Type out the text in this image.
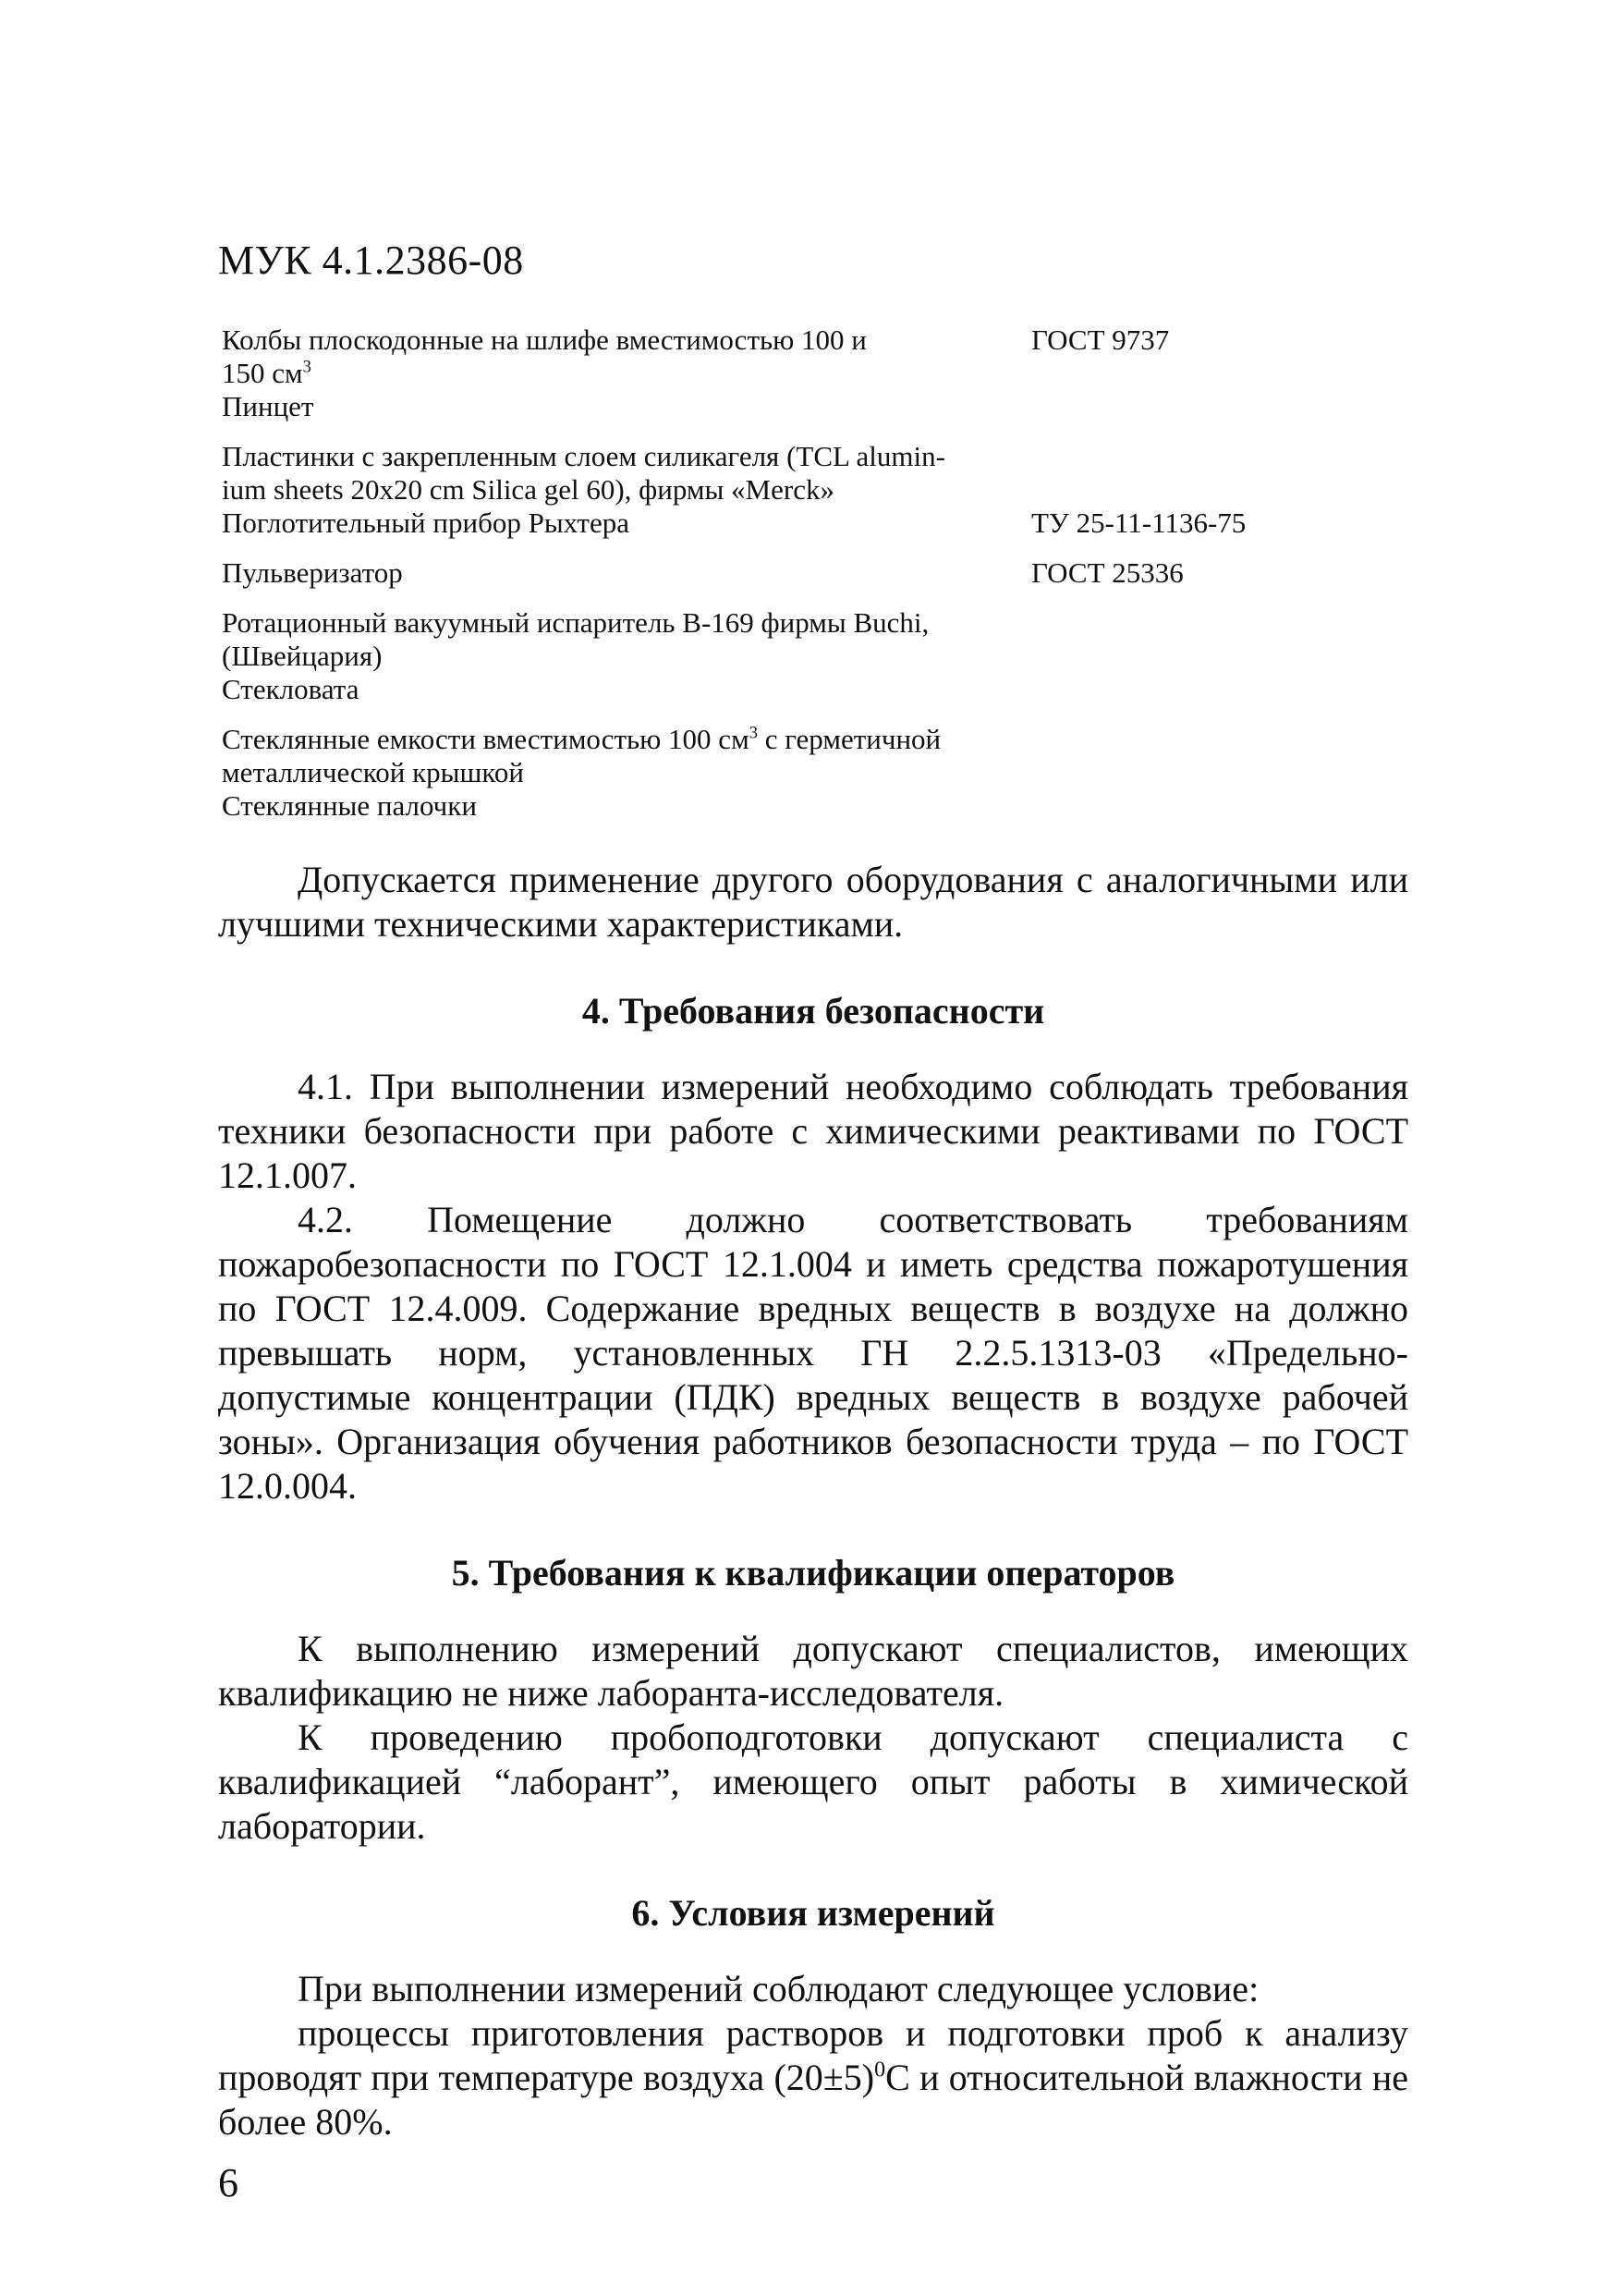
МУК 4.1.2386-08
Колбы плоскодонные на шлифе вместимостью 100 и
150 $см^3$
ГОСТ 9737
Пинцет
Пластинки с закрепленным слоем силикагеля (TCL alumin-
ium sheets 20x20 cm Silica gel 60), фирмы «Merck»
Поглотительный прибор Рыхтера	ТУ 25-11-1136-75
Пульверизатор	ГОСТ 25336
Ротационный вакуумный испаритель В-169 фирмы Buchi,
(Швейцария)
Стекловата
Стеклянные емкости вместимостью 100 $см^3$ с герметичной
металлической крышкой
Стеклянные палочки

Допускается применение другого оборудования с аналогичными или лучшими техническими характеристиками.

4. Требования безопасности

4.1. При выполнении измерений необходимо соблюдать требования техники безопасности при работе с химическими реактивами по ГОСТ 12.1.007.

4.2. Помещение должно соответствовать требованиям пожаробезопасности по ГОСТ 12.1.004 и иметь средства пожаротушения по ГОСТ 12.4.009. Содержание вредных веществ в воздухе на должно превышать норм, установленных ГН 2.2.5.1313-03 «Предельно-допустимые концентрации (ПДК) вредных веществ в воздухе рабочей зоны». Организация обучения работников безопасности труда – по ГОСТ 12.0.004.

5. Требования к квалификации операторов

К выполнению измерений допускают специалистов, имеющих квалификацию не ниже лаборанта-исследователя.

К проведению пробоподготовки допускают специалиста с квалификацией “лаборант”, имеющего опыт работы в химической лаборатории.

6. Условия измерений

При выполнении измерений соблюдают следующее условие:

процессы приготовления растворов и подготовки проб к анализу проводят при температуре воздуха $(20\pm 5)^0С$ и относительной влажности не более 80%.

6
